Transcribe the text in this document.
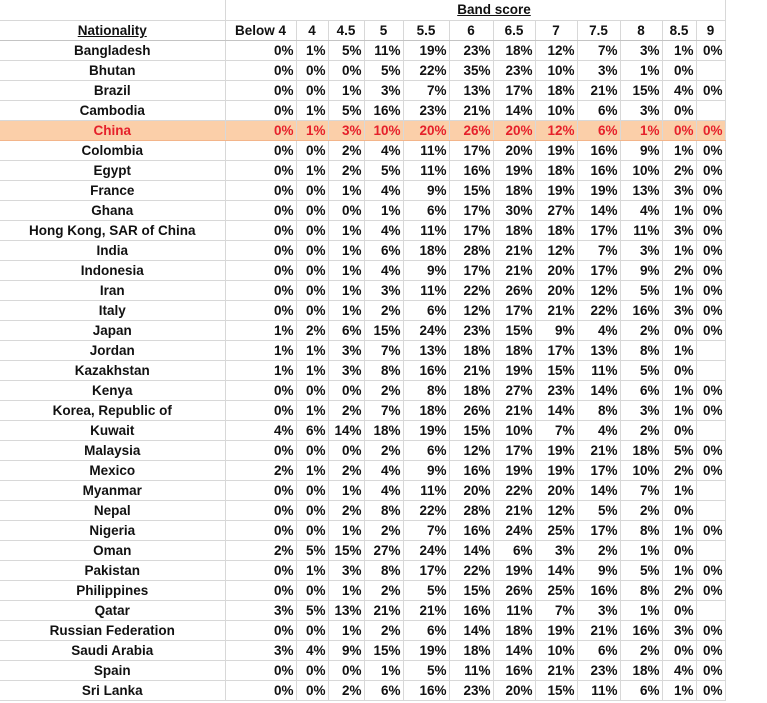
	Band score											
Nationality	Below 4	4	4.5	5	5.5	6	6.5	7	7.5	8	8.5	9
Bangladesh	0%	1%	5%	11%	19%	23%	18%	12%	7%	3%	1%	0%
Bhutan	0%	0%	0%	5%	22%	35%	23%	10%	3%	1%	0%	
Brazil	0%	0%	1%	3%	7%	13%	17%	18%	21%	15%	4%	0%
Cambodia	0%	1%	5%	16%	23%	21%	14%	10%	6%	3%	0%	
China	0%	1%	3%	10%	20%	26%	20%	12%	6%	1%	0%	0%
Colombia	0%	0%	2%	4%	11%	17%	20%	19%	16%	9%	1%	0%
Egypt	0%	1%	2%	5%	11%	16%	19%	18%	16%	10%	2%	0%
France	0%	0%	1%	4%	9%	15%	18%	19%	19%	13%	3%	0%
Ghana	0%	0%	0%	1%	6%	17%	30%	27%	14%	4%	1%	0%
Hong Kong, SAR of China	0%	0%	1%	4%	11%	17%	18%	18%	17%	11%	3%	0%
India	0%	0%	1%	6%	18%	28%	21%	12%	7%	3%	1%	0%
Indonesia	0%	0%	1%	4%	9%	17%	21%	20%	17%	9%	2%	0%
Iran	0%	0%	1%	3%	11%	22%	26%	20%	12%	5%	1%	0%
Italy	0%	0%	1%	2%	6%	12%	17%	21%	22%	16%	3%	0%
Japan	1%	2%	6%	15%	24%	23%	15%	9%	4%	2%	0%	0%
Jordan	1%	1%	3%	7%	13%	18%	18%	17%	13%	8%	1%	
Kazakhstan	1%	1%	3%	8%	16%	21%	19%	15%	11%	5%	0%	
Kenya	0%	0%	0%	2%	8%	18%	27%	23%	14%	6%	1%	0%
Korea, Republic of	0%	1%	2%	7%	18%	26%	21%	14%	8%	3%	1%	0%
Kuwait	4%	6%	14%	18%	19%	15%	10%	7%	4%	2%	0%	
Malaysia	0%	0%	0%	2%	6%	12%	17%	19%	21%	18%	5%	0%
Mexico	2%	1%	2%	4%	9%	16%	19%	19%	17%	10%	2%	0%
Myanmar	0%	0%	1%	4%	11%	20%	22%	20%	14%	7%	1%	
Nepal	0%	0%	2%	8%	22%	28%	21%	12%	5%	2%	0%	
Nigeria	0%	0%	1%	2%	7%	16%	24%	25%	17%	8%	1%	0%
Oman	2%	5%	15%	27%	24%	14%	6%	3%	2%	1%	0%	
Pakistan	0%	1%	3%	8%	17%	22%	19%	14%	9%	5%	1%	0%
Philippines	0%	0%	1%	2%	5%	15%	26%	25%	16%	8%	2%	0%
Qatar	3%	5%	13%	21%	21%	16%	11%	7%	3%	1%	0%	
Russian Federation	0%	0%	1%	2%	6%	14%	18%	19%	21%	16%	3%	0%
Saudi Arabia	3%	4%	9%	15%	19%	18%	14%	10%	6%	2%	0%	0%
Spain	0%	0%	0%	1%	5%	11%	16%	21%	23%	18%	4%	0%
Sri Lanka	0%	0%	2%	6%	16%	23%	20%	15%	11%	6%	1%	0%
